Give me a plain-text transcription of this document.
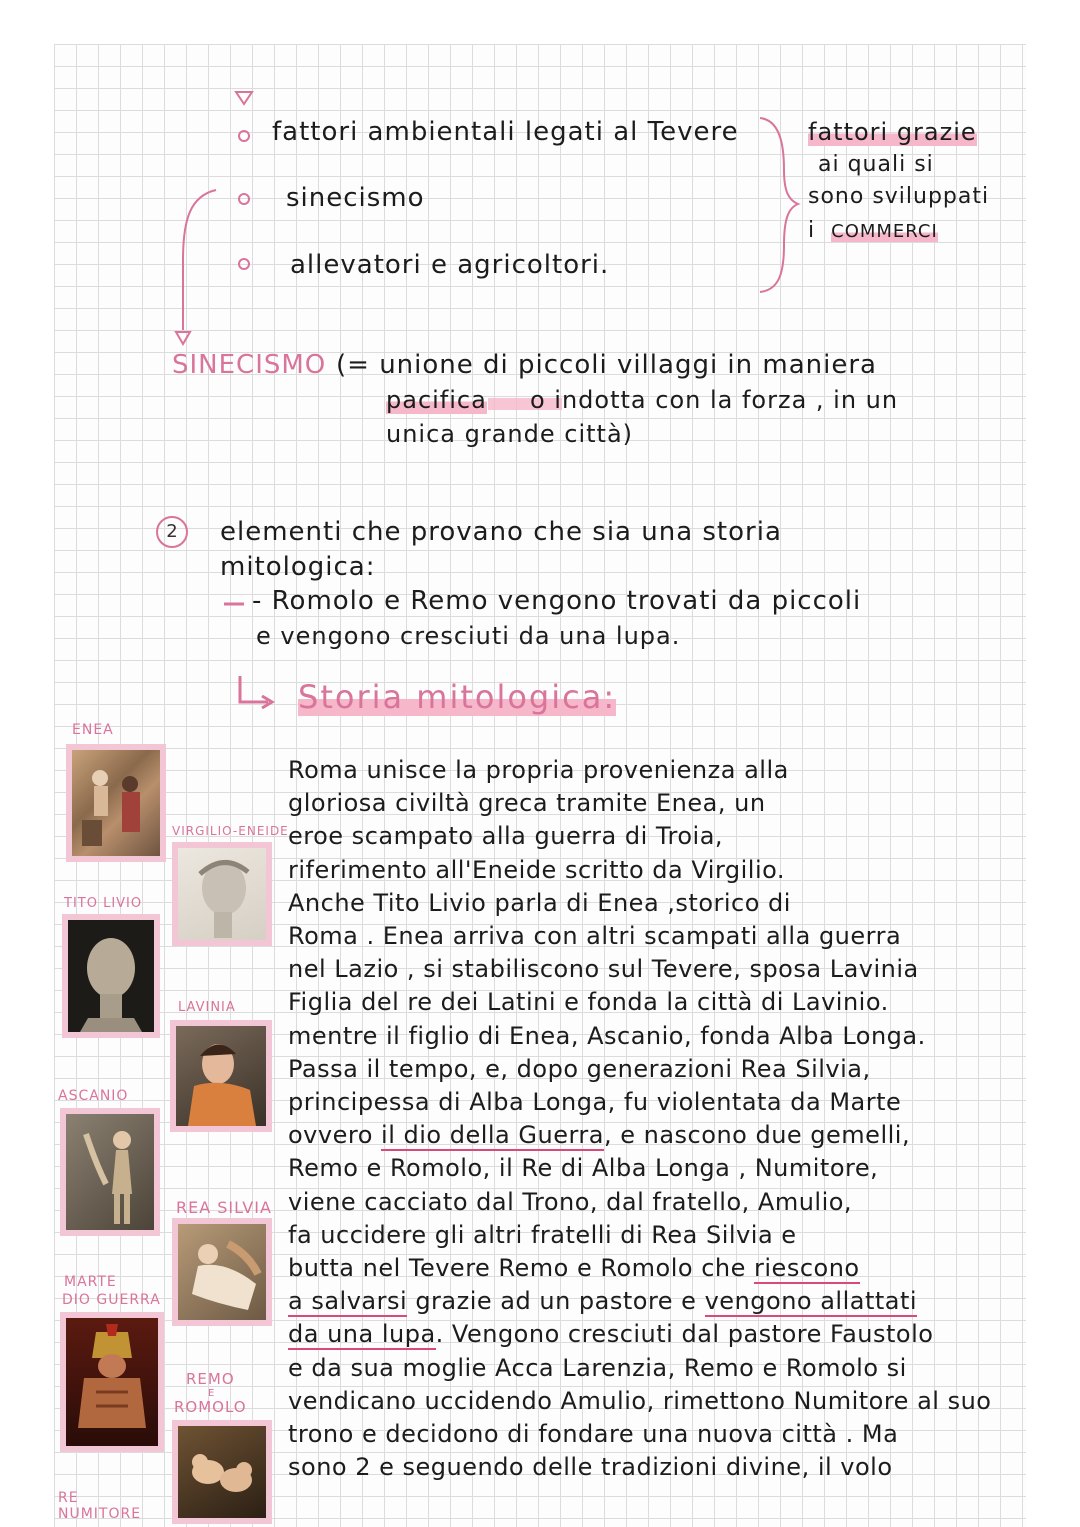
fattori ambientali legati al Tevere
sinecismo
allevatori e agricoltori.
fattori grazie
ai quali si
sono sviluppati
i COMMERCI
SINECISMO (= unione di piccoli villaggi in maniera
pacifica o indotta con la forza , in un
unica grande città)
2	elementi che provano che sia una storia
mitologica:
- Romolo e Remo vengono trovati da piccoli
e vengono cresciuti da una lupa.
Storia mitologica:
ENEA
VIRGILIO-ENEIDE
TITO LIVIO
LAVINIA
ASCANIO
REA SILVIA
MARTE
DIO GUERRA
REMO
E
ROMOLO
RE
NUMITORE
Roma unisce la propria provenienza alla
gloriosa civiltà greca tramite Enea, un
eroe scampato alla guerra di Troia,
riferimento all'Eneide scritto da Virgilio.
Anche Tito Livio parla di Enea ,storico di
Roma . Enea arriva con altri scampati alla guerra
nel Lazio , si stabiliscono sul Tevere, sposa Lavinia
Figlia del re dei Latini e fonda la città di Lavinio.
mentre il figlio di Enea, Ascanio, fonda Alba Longa.
Passa il tempo, e, dopo generazioni Rea Silvia,
principessa di Alba Longa, fu violentata da Marte
ovvero il dio della Guerra, e nascono due gemelli,
Remo e Romolo, il Re di Alba Longa , Numitore,
viene cacciato dal Trono, dal fratello, Amulio,
fa uccidere gli altri fratelli di Rea Silvia e
butta nel Tevere Remo e Romolo che riescono
a salvarsi grazie ad un pastore e vengono allattati
da una lupa. Vengono cresciuti dal pastore Faustolo
e da sua moglie Acca Larenzia, Remo e Romolo si
vendicano uccidendo Amulio, rimettono Numitore al suo
trono e decidono di fondare una nuova città . Ma
sono 2 e seguendo delle tradizioni divine, il volo
